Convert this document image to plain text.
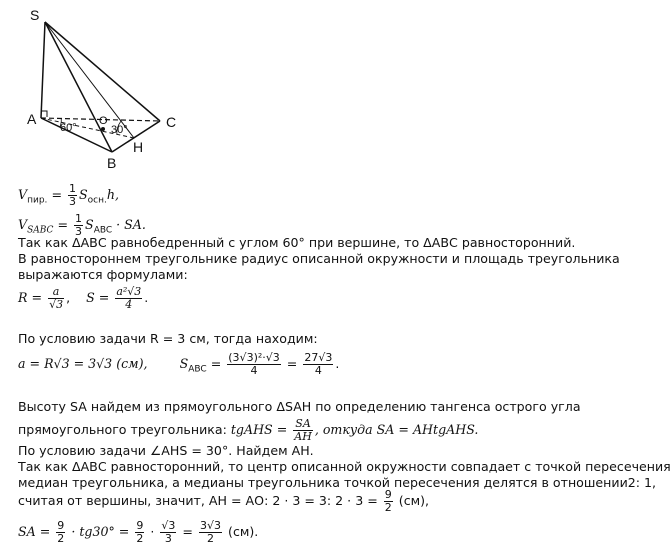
S
A
B
C
H
O
60°	30°
$V_{пир.} = \frac{1}{3} S_{осн.}h$,
$V_{SABC} = \frac{1}{3} S_{ABC}$ · SA.
Так как ΔАВС равнобедренный с углом 60° при вершине, то ΔАВС равносторонний.
В равностороннем треугольнике радиус описанной окружности и площадь треугольника
выражаются формулами:
$R = \frac{a}{√3}$ , $S = \frac{\text{a²√3}}{4}$ .
По условию задачи R = 3 см, тогда находим:
a = R√3 = 3√3 (см),	$S_{ABC} = \frac{\text{(3√3)²·√3}}{4} = \frac{27√3}{4}$ .
Высоту SA найдем из прямоугольного ΔSAH по определению тангенса острого угла
прямоугольного треугольника: tgAHS = $\frac{SA}{AH}$ , откуда SA = AHtgAHS.
По условию задачи ∠AHS = 30°. Найдем АН.
Так как ΔАВС равносторонний, то центр описанной окружности совпадает с точкой пересечения
медиан треугольника, а медианы треугольника точкой пересечения делятся в отношении2: 1,
считая от вершины, значит, АН = АО: 2 · 3 = 3: $2 \cdot 3 = \frac{9}{2} (см)$,
SA = $\frac{9}{2} \cdot tg30^\circ = \frac{9}{2} \cdot \frac{√3}{3} = \frac{3√3}{2} (см)$.
